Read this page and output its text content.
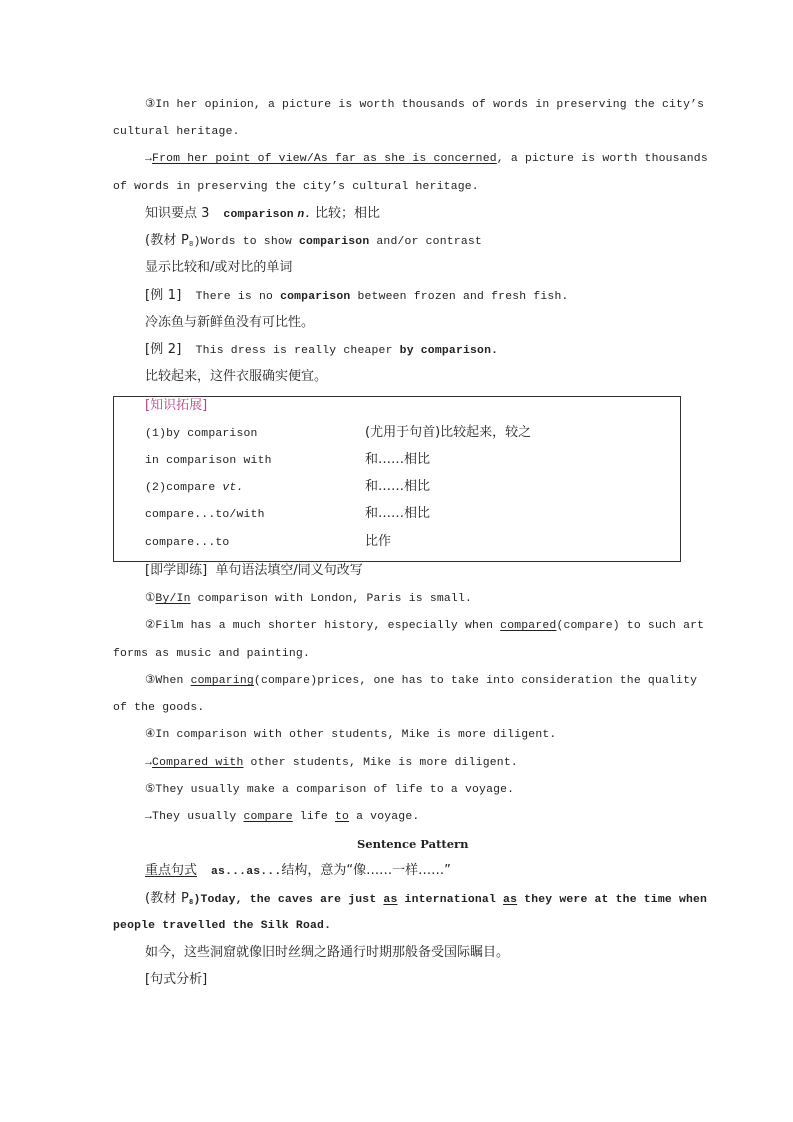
③In her opinion, a picture is worth thousands of words in preserving the city’s
cultural heritage.
→From her point of view/As far as she is concerned, a picture is worth thousands
of words in preserving the city’s cultural heritage.
知识要点 3 comparison n. 比较；相比
(教材 $P_8)Words$ to show comparison and/or contrast
显示比较和/或对比的单词
[例 1] There is no comparison between frozen and fresh fish.
冷冻鱼与新鲜鱼没有可比性。
[例 2] This dress is really cheaper by comparison.
比较起来，这件衣服确实便宜。
[知识拓展]
(1)by comparison	(尤用于句首)比较起来，较之
in comparison with	和……相比
(2)compare vt.	和……相比
compare...to/with	和……相比
compare...to	比作
[即学即练] 单句语法填空/同义句改写
①By/In comparison with London, Paris is small.
②Film has a much shorter history, especially when compared(compare) to such art
forms as music and painting.
③When comparing(compare)prices, one has to take into consideration the quality
of the goods.
④In comparison with other students, Mike is more diligent.
→Compared with other students, Mike is more diligent.
⑤They usually make a comparison of life to a voyage.
→They usually compare life to a voyage.
Sentence Pattern
重点句式 as...as...结构，意为“像……一样……”
(教材 $P_8)Today$, the caves are just as international as they were at the time when
people travelled the Silk Road.
如今，这些洞窟就像旧时丝绸之路通行时期那般备受国际瞩目。
[句式分析]
